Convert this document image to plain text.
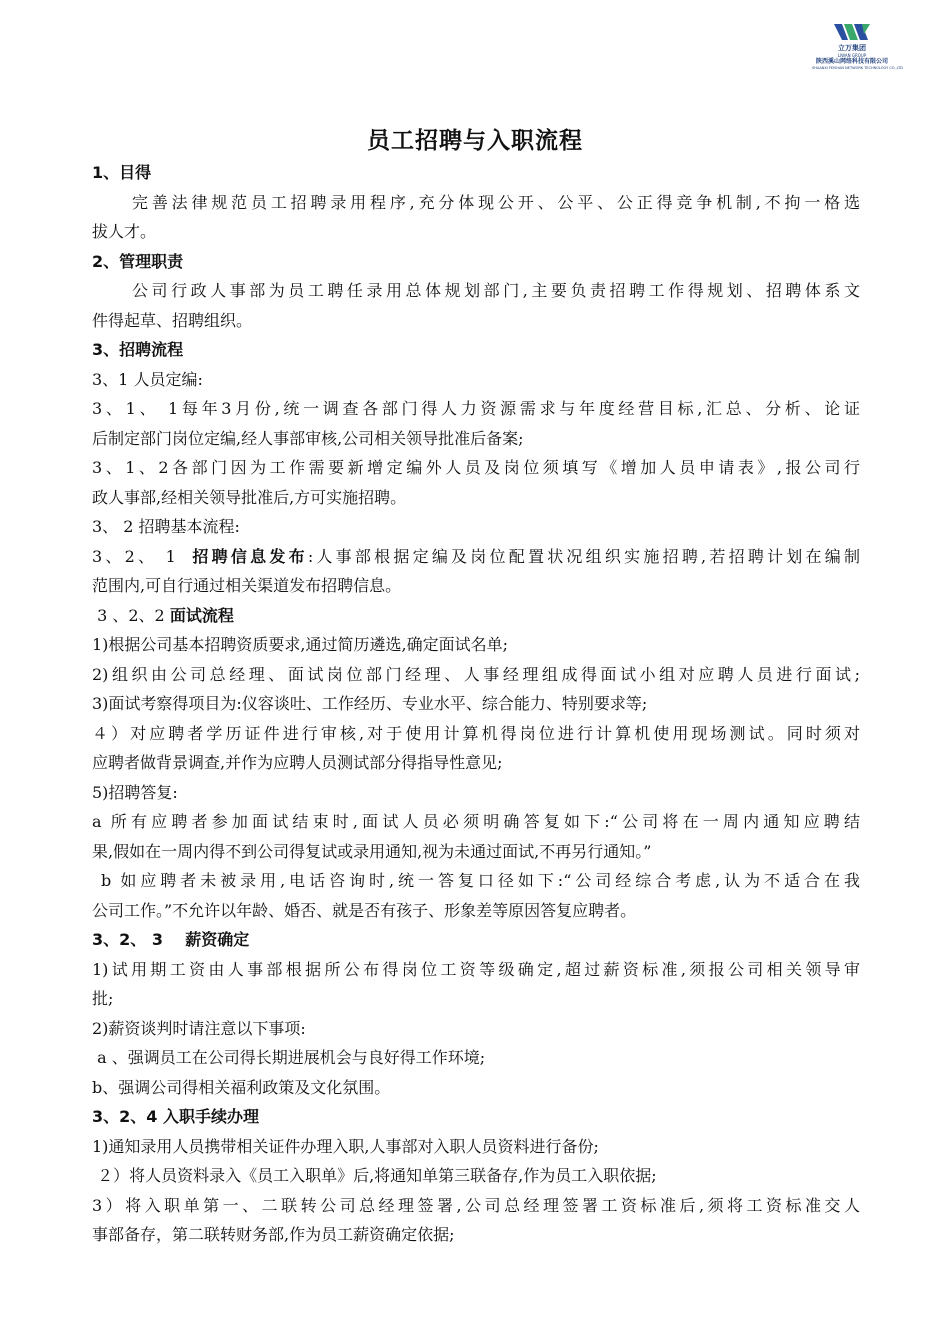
立万集团
LIWAN GROUP
陕西溪山网络科技有限公司
SHAANXI FEISHAN NETWORK TECHNOLOGY CO.,LTD
员工招聘与入职流程
1、目得
完善法律规范员工招聘录用程序,充分体现公开、公平、公正得竞争机制,不拘一格选
拔人才。
2、管理职责
公司行政人事部为员工聘任录用总体规划部门,主要负责招聘工作得规划、招聘体系文
件得起草、招聘组织。
3、招聘流程
3、1 人员定编:
3、1、 1每年3月份,统一调查各部门得人力资源需求与年度经营目标,汇总、分析、论证
后制定部门岗位定编,经人事部审核,公司相关领导批准后备案;
3、1、2各部门因为工作需要新增定编外人员及岗位须填写《增加人员申请表》,报公司行
政人事部,经相关领导批准后,方可实施招聘。
3、 2 招聘基本流程:
3、2、 1  招聘信息发布:人事部根据定编及岗位配置状况组织实施招聘,若招聘计划在编制
范围内,可自行通过相关渠道发布招聘信息。
3 、2、2 面试流程
1)根据公司基本招聘资质要求,通过简历遴选,确定面试名单;
2)组织由公司总经理、面试岗位部门经理、人事经理组成得面试小组对应聘人员进行面试;
3)面试考察得项目为:仪容谈吐、工作经历、专业水平、综合能力、特别要求等;
４）对应聘者学历证件进行审核,对于使用计算机得岗位进行计算机使用现场测试。同时须对
应聘者做背景调查,并作为应聘人员测试部分得指导性意见;
5)招聘答复:
a 所有应聘者参加面试结束时,面试人员必须明确答复如下:“公司将在一周内通知应聘结
果,假如在一周内得不到公司得复试或录用通知,视为未通过面试,不再另行通知。”
b 如应聘者未被录用,电话咨询时,统一答复口径如下:“公司经综合考虑,认为不适合在我
公司工作。”不允许以年龄、婚否、就是否有孩子、形象差等原因答复应聘者。
3、2、 3    薪资确定
1)试用期工资由人事部根据所公布得岗位工资等级确定,超过薪资标准,须报公司相关领导审
批;
2)薪资谈判时请注意以下事项:
a 、强调员工在公司得长期进展机会与良好得工作环境;
b、强调公司得相关福利政策及文化氛围。
3、2、4 入职手续办理
1)通知录用人员携带相关证件办理入职,人事部对入职人员资料进行备份;
２）将人员资料录入《员工入职单》后,将通知单第三联备存,作为员工入职依据;
3）将入职单第一、二联转公司总经理签署,公司总经理签署工资标准后,须将工资标准交人
事部备存，第二联转财务部,作为员工薪资确定依据;
